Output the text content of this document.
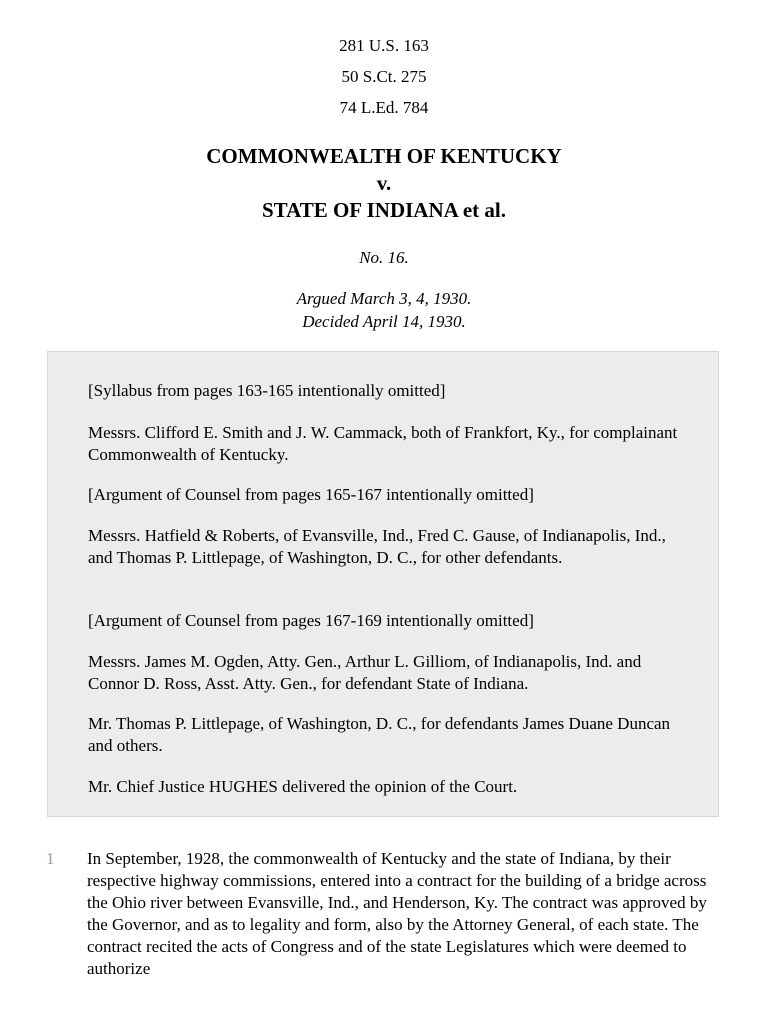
281 U.S. 163
50 S.Ct. 275
74 L.Ed. 784
COMMONWEALTH OF KENTUCKY
v.
STATE OF INDIANA et al.
No. 16.
Argued March 3, 4, 1930.
Decided April 14, 1930.

[Syllabus from pages 163-165 intentionally omitted]

Messrs. Clifford E. Smith and J. W. Cammack, both of Frankfort, Ky., for complainant Commonwealth of Kentucky.

[Argument of Counsel from pages 165-167 intentionally omitted]

Messrs. Hatfield & Roberts, of Evansville, Ind., Fred C. Gause, of Indianapolis, Ind., and Thomas P. Littlepage, of Washington, D. C., for other defendants.

[Argument of Counsel from pages 167-169 intentionally omitted]

Messrs. James M. Ogden, Atty. Gen., Arthur L. Gilliom, of Indianapolis, Ind. and Connor D. Ross, Asst. Atty. Gen., for defendant State of Indiana.

Mr. Thomas P. Littlepage, of Washington, D. C., for defendants James Duane Duncan and others.

Mr. Chief Justice HUGHES delivered the opinion of the Court.

1 In September, 1928, the commonwealth of Kentucky and the state of Indiana, by their respective highway commissions, entered into a contract for the building of a bridge across the Ohio river between Evansville, Ind., and Henderson, Ky. The contract was approved by the Governor, and as to legality and form, also by the Attorney General, of each state. The contract recited the acts of Congress and of the state Legislatures which were deemed to authorize
